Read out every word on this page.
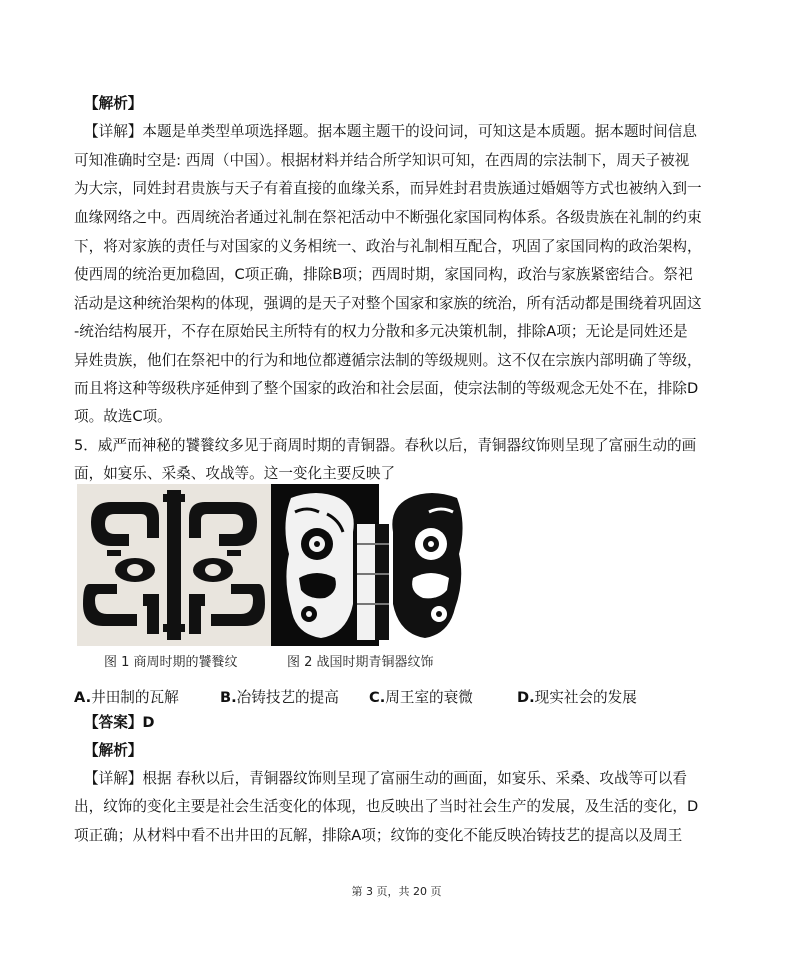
【解析】
【详解】本题是单类型单项选择题。据本题主题干的设问词，可知这是本质题。据本题时间信息
可知准确时空是: 西周（中国）。根据材料并结合所学知识可知，在西周的宗法制下，周天子被视
为大宗，同姓封君贵族与天子有着直接的血缘关系，而异姓封君贵族通过婚姻等方式也被纳入到一
血缘网络之中。西周统治者通过礼制在祭祀活动中不断强化家国同构体系。各级贵族在礼制的约束
下，将对家族的责任与对国家的义务相统一、政治与礼制相互配合，巩固了家国同构的政治架构，
使西周的统治更加稳固，C项正确，排除B项；西周时期，家国同构，政治与家族紧密结合。祭祀
活动是这种统治架构的体现，强调的是天子对整个国家和家族的统治，所有活动都是围绕着巩固这
-统治结构展开，不存在原始民主所特有的权力分散和多元决策机制，排除A项；无论是同姓还是
异姓贵族，他们在祭祀中的行为和地位都遵循宗法制的等级规则。这不仅在宗族内部明确了等级，
而且将这种等级秩序延伸到了整个国家的政治和社会层面，使宗法制的等级观念无处不在，排除D
项。故选C项。
5．威严而神秘的饕餮纹多见于商周时期的青铜器。春秋以后，青铜器纹饰则呈现了富丽生动的画
面，如宴乐、采桑、攻战等。这一变化主要反映了
图 1 商周时期的饕餮纹	图 2 战国时期青铜器纹饰
A.井田制的瓦解	B.冶铸技艺的提高 C.周王室的衰微	D.现实社会的发展
【答案】D
【解析】
【详解】根据 春秋以后，青铜器纹饰则呈现了富丽生动的画面，如宴乐、采桑、攻战等可以看
出，纹饰的变化主要是社会生活变化的体现，也反映出了当时社会生产的发展，及生活的变化，D
项正确；从材料中看不出井田的瓦解，排除A项；纹饰的变化不能反映冶铸技艺的提高以及周王
第 3 页，共 20 页
